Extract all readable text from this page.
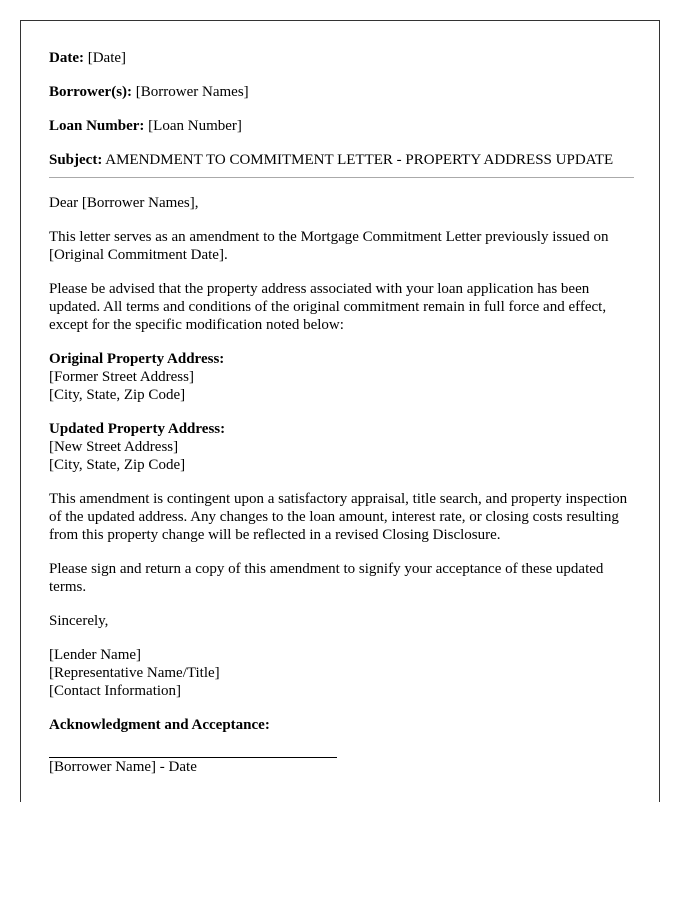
Date: [Date]

Borrower(s): [Borrower Names]

Loan Number: [Loan Number]

Subject: AMENDMENT TO COMMITMENT LETTER - PROPERTY ADDRESS UPDATE

Dear [Borrower Names],

This letter serves as an amendment to the Mortgage Commitment Letter previously issued on [Original Commitment Date].

Please be advised that the property address associated with your loan application has been updated. All terms and conditions of the original commitment remain in full force and effect, except for the specific modification noted below:

Original Property Address:
[Former Street Address]
[City, State, Zip Code]

Updated Property Address:
[New Street Address]
[City, State, Zip Code]

This amendment is contingent upon a satisfactory appraisal, title search, and property inspection of the updated address. Any changes to the loan amount, interest rate, or closing costs resulting from this property change will be reflected in a revised Closing Disclosure.

Please sign and return a copy of this amendment to signify your acceptance of these updated terms.

Sincerely,

[Lender Name]
[Representative Name/Title]
[Contact Information]

Acknowledgment and Acceptance:

[Borrower Name] - Date
